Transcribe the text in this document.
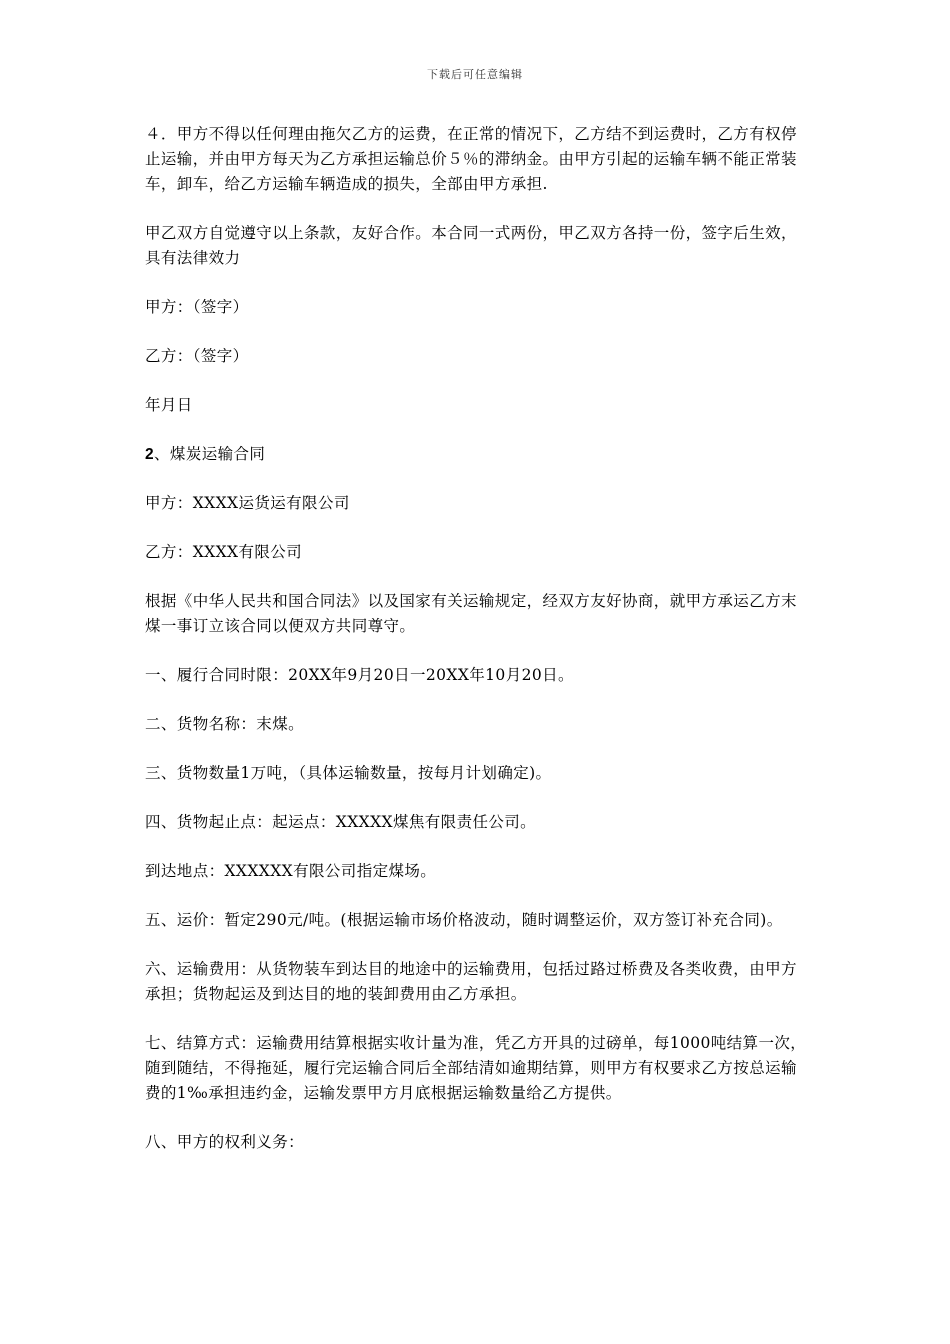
下载后可任意编辑

４．甲方不得以任何理由拖欠乙方的运费，在正常的情况下，乙方结不到运费时，乙方有权停止运输，并由甲方每天为乙方承担运输总价５％的滞纳金。由甲方引起的运输车辆不能正常装车，卸车，给乙方运输车辆造成的损失，全部由甲方承担.

甲乙双方自觉遵守以上条款，友好合作。本合同一式两份，甲乙双方各持一份，签字后生效，具有法律效力

甲方：（签字）

乙方：（签字）

年月日

2、煤炭运输合同

甲方：XXXX运货运有限公司

乙方：XXXX有限公司

根据《中华人民共和国合同法》以及国家有关运输规定，经双方友好协商，就甲方承运乙方末煤一事订立该合同以便双方共同尊守。

一、履行合同时限：20XX年9月20日一20XX年10月20日。

二、货物名称：末煤。

三、货物数量1万吨，（具体运输数量，按每月计划确定)。

四、货物起止点：起运点：XXXXX煤焦有限责任公司。

到达地点：XXXXXX有限公司指定煤场。

五、运价：暂定290元/吨。(根据运输市场价格波动，随时调整运价，双方签订补充合同)。

六、运输费用：从货物装车到达目的地途中的运输费用，包括过路过桥费及各类收费，由甲方承担；货物起运及到达目的地的装卸费用由乙方承担。

七、结算方式：运输费用结算根据实收计量为准，凭乙方开具的过磅单，每1000吨结算一次，随到随结，不得拖延，履行完运输合同后全部结清如逾期结算，则甲方有权要求乙方按总运输费的1‰承担违约金，运输发票甲方月底根据运输数量给乙方提供。

八、甲方的权利义务：
